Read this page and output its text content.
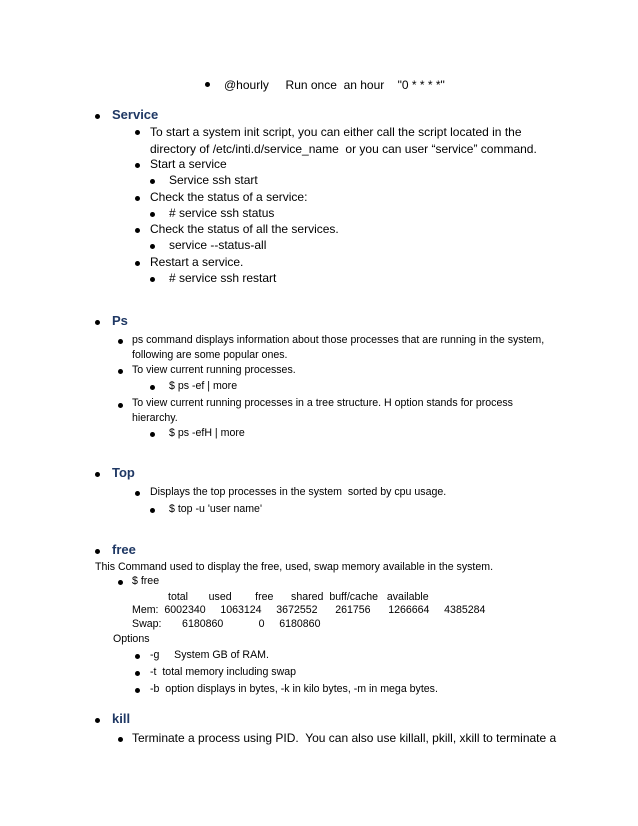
@hourly     Run once  an hour    "0 * * * *"
Service
To start a system init script, you can either call the script located in the
directory of /etc/inti.d/service_name  or you can user “service” command.
Start a service
Service ssh start
Check the status of a service:
# service ssh status
Check the status of all the services.
service --status-all
Restart a service.
# service ssh restart
Ps
ps command displays information about those processes that are running in the system,
following are some popular ones.
To view current running processes.
$ ps -ef | more
To view current running processes in a tree structure. H option stands for process
hierarchy.
$ ps -efH | more
Top
Displays the top processes in the system  sorted by cpu usage.
$ top -u 'user name'
free
This Command used to display the free, used, swap memory available in the system.
$ free
total       used        free      shared  buff/cache   available
Mem:  6002340     1063124     3672552      261756      1266664     4385284
Swap:       6180860            0     6180860
Options
-g     System GB of RAM.
-t  total memory including swap
-b  option displays in bytes, -k in kilo bytes, -m in mega bytes.
kill
Terminate a process using PID.  You can also use killall, pkill, xkill to terminate a
